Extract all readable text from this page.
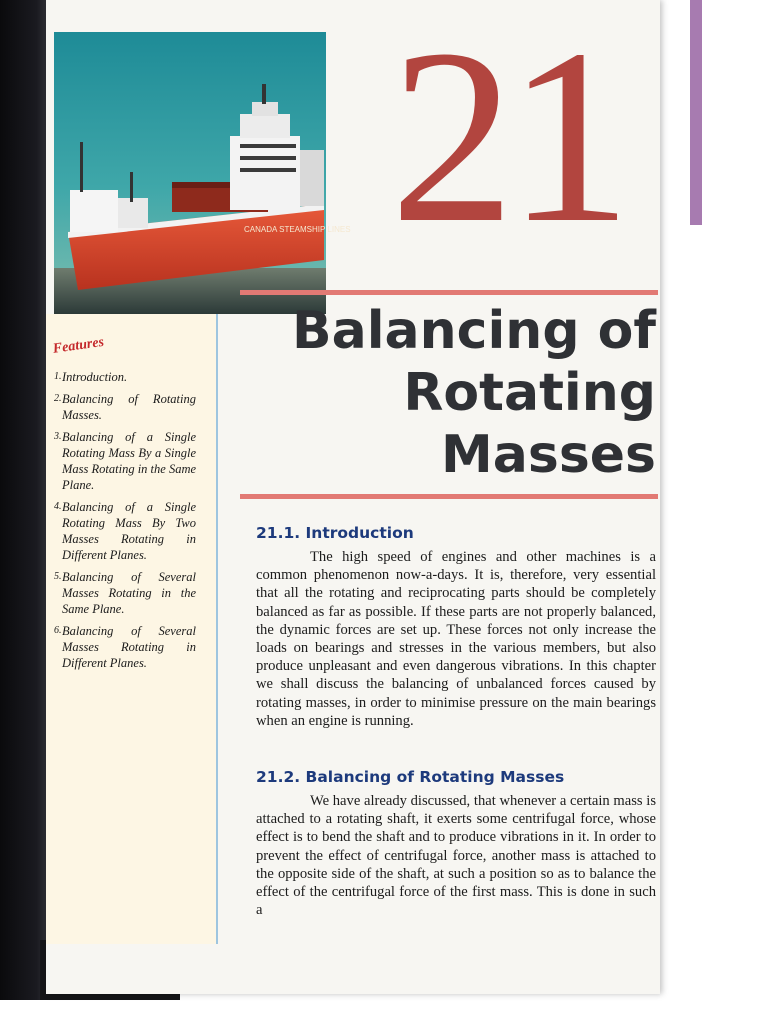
CANADA STEAMSHIP LINES 21
Balancing of
Rotating
Masses
Features
1. Introduction.
2. Balancing of Rotating Masses.
3. Balancing of a Single Rotating Mass By a Single Mass Rotating in the Same Plane.
4. Balancing of a Single Rotating Mass By Two Masses Rotating in Different Planes.
5. Balancing of Several Masses Rotating in the Same Plane.
6. Balancing of Several Masses Rotating in Different Planes.
21.1. Introduction

The high speed of engines and other machines is a common phenomenon now-a-days. It is, therefore, very essential that all the rotating and reciprocating parts should be completely balanced as far as possible. If these parts are not properly balanced, the dynamic forces are set up. These forces not only increase the loads on bearings and stresses in the various members, but also produce unpleasant and even dangerous vibrations. In this chapter we shall discuss the balancing of unbalanced forces caused by rotating masses, in order to minimise pressure on the main bearings when an engine is running.

21.2. Balancing of Rotating Masses

We have already discussed, that whenever a certain mass is attached to a rotating shaft, it exerts some centrifugal force, whose effect is to bend the shaft and to produce vibrations in it. In order to prevent the effect of centrifugal force, another mass is attached to the opposite side of the shaft, at such a position so as to balance the effect of the centrifugal force of the first mass. This is done in such a
